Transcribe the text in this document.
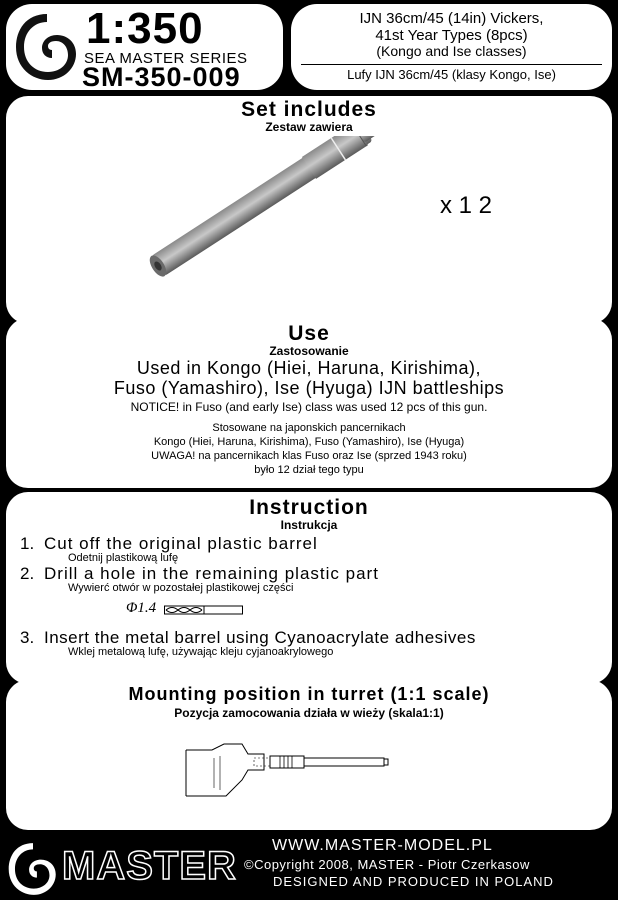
1:350
SEA MASTER SERIES
SM-350-009
IJN 36cm/45 (14in) Vickers,
41st Year Types (8pcs)
(Kongo and Ise classes)
Lufy IJN 36cm/45 (klasy Kongo, Ise)
Set includes
Zestaw zawiera
x 1 2
Use
Zastosowanie
Used in Kongo (Hiei, Haruna, Kirishima),
Fuso (Yamashiro), Ise (Hyuga) IJN battleships
NOTICE! in Fuso (and early Ise) class was used 12 pcs of this gun.
Stosowane na japonskich pancernikach
Kongo (Hiei, Haruna, Kirishima), Fuso (Yamashiro), Ise (Hyuga)
UWAGA! na pancernikach klas Fuso oraz Ise (sprzed 1943 roku)
było 12 dział tego typu
Instruction
Instrukcja
1. Cut off the original plastic barrel
Odetnij plastikową lufę
2. Drill a hole in the remaining plastic part
Wywierć otwór w pozostałej plastikowej części
Φ1.4
3. Insert the metal barrel using Cyanoacrylate adhesives
Wklej metalową lufę, używając kleju cyjanoakrylowego
Mounting position in turret (1:1 scale)
Pozycja zamocowania działa w wieży (skala1:1)
MASTER WWW.MASTER-MODEL.PL
©Copyright 2008, MASTER - Piotr Czerkasow
DESIGNED AND PRODUCED IN POLAND
